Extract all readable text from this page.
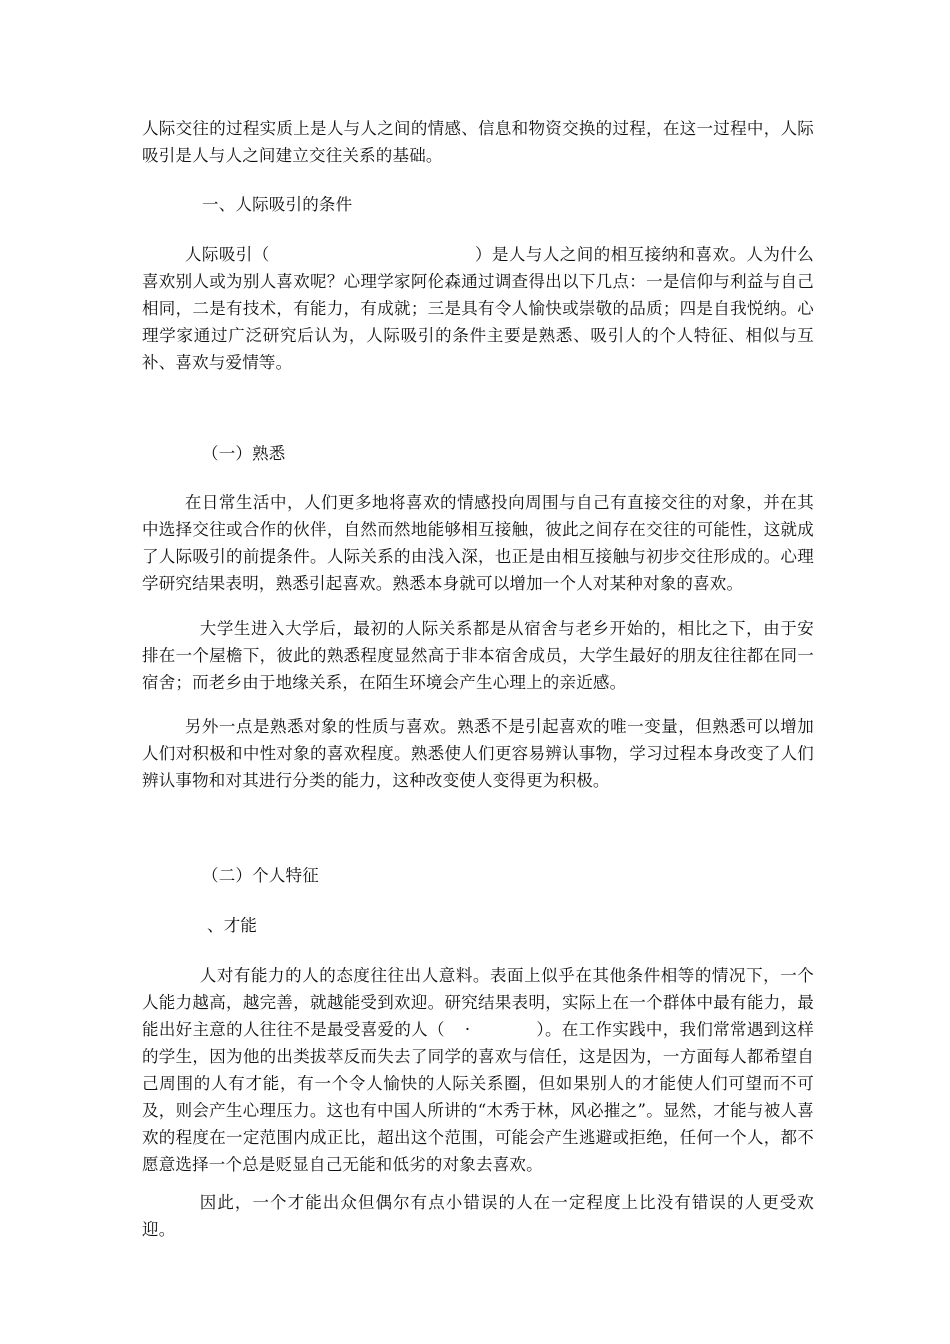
人际交往的过程实质上是人与人之间的情感、信息和物资交换的过程，在这一过程中，人际吸引是人与人之间建立交往关系的基础。

一、人际吸引的条件

人际吸引（	）是人与人之间的相互接纳和喜欢。人为什么喜欢别人或为别人喜欢呢？心理学家阿伦森通过调查得出以下几点：一是信仰与利益与自己相同，二是有技术，有能力，有成就；三是具有令人愉快或崇敬的品质；四是自我悦纳。心理学家通过广泛研究后认为，人际吸引的条件主要是熟悉、吸引人的个人特征、相似与互补、喜欢与爱情等。

（一）熟悉

在日常生活中，人们更多地将喜欢的情感投向周围与自己有直接交往的对象，并在其中选择交往或合作的伙伴，自然而然地能够相互接触，彼此之间存在交往的可能性，这就成了人际吸引的前提条件。人际关系的由浅入深，也正是由相互接触与初步交往形成的。心理学研究结果表明，熟悉引起喜欢。熟悉本身就可以增加一个人对某种对象的喜欢。

大学生进入大学后，最初的人际关系都是从宿舍与老乡开始的，相比之下，由于安排在一个屋檐下，彼此的熟悉程度显然高于非本宿舍成员，大学生最好的朋友往往都在同一宿舍；而老乡由于地缘关系，在陌生环境会产生心理上的亲近感。

另外一点是熟悉对象的性质与喜欢。熟悉不是引起喜欢的唯一变量，但熟悉可以增加人们对积极和中性对象的喜欢程度。熟悉使人们更容易辨认事物，学习过程本身改变了人们辨认事物和对其进行分类的能力，这种改变使人变得更为积极。

（二）个人特征

、才能

人对有能力的人的态度往往出人意料。表面上似乎在其他条件相等的情况下，一个人能力越高，越完善，就越能受到欢迎。研究结果表明，实际上在一个群体中最有能力，最能出好主意的人往往不是最受喜爱的人（ ·	）。在工作实践中，我们常常遇到这样的学生，因为他的出类拔萃反而失去了同学的喜欢与信任，这是因为，一方面每人都希望自己周围的人有才能，有一个令人愉快的人际关系圈，但如果别人的才能使人们可望而不可及，则会产生心理压力。这也有中国人所讲的“木秀于林，风必摧之”。显然，才能与被人喜欢的程度在一定范围内成正比，超出这个范围，可能会产生逃避或拒绝，任何一个人，都不愿意选择一个总是贬显自己无能和低劣的对象去喜欢。

因此，一个才能出众但偶尔有点小错误的人在一定程度上比没有错误的人更受欢迎。
